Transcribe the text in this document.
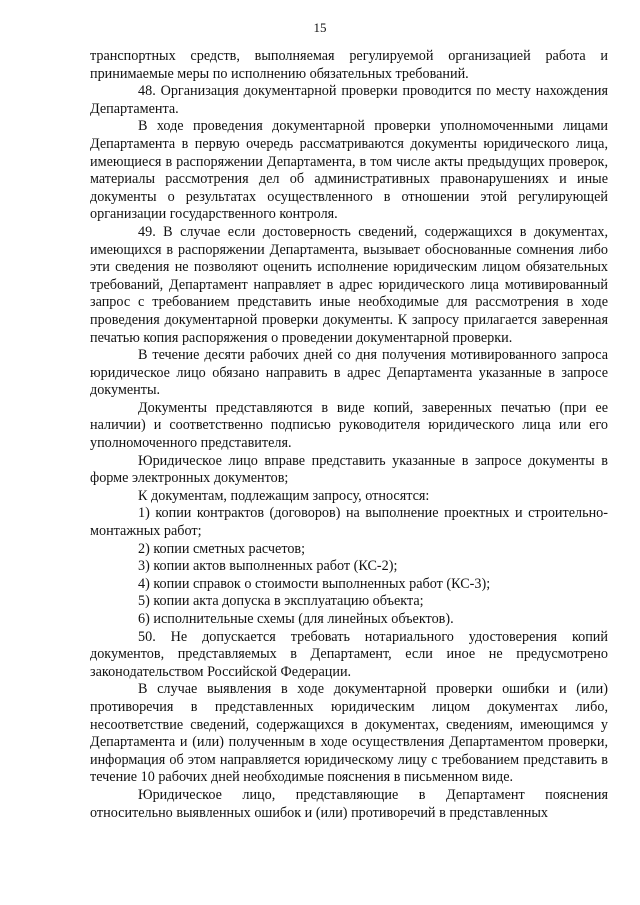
15

транспортных средств, выполняемая регулируемой организацией работа и принимаемые меры по исполнению обязательных требований.

48. Организация документарной проверки проводится по месту нахождения Департамента.

В ходе проведения документарной проверки уполномоченными лицами Департамента в первую очередь рассматриваются документы юридического лица, имеющиеся в распоряжении Департамента, в том числе акты предыдущих проверок, материалы рассмотрения дел об административных правонарушениях и иные документы о результатах осуществленного в отношении этой регулирующей организации государственного контроля.

49. В случае если достоверность сведений, содержащихся в документах, имеющихся в распоряжении Департамента, вызывает обоснованные сомнения либо эти сведения не позволяют оценить исполнение юридическим лицом обязательных требований, Департамент направляет в адрес юридического лица мотивированный запрос с требованием представить иные необходимые для рассмотрения в ходе проведения документарной проверки документы. К запросу прилагается заверенная печатью копия распоряжения о проведении документарной проверки.

В течение десяти рабочих дней со дня получения мотивированного запроса юридическое лицо обязано направить в адрес Департамента указанные в запросе документы.

Документы представляются в виде копий, заверенных печатью (при ее наличии) и соответственно подписью руководителя юридического лица или его уполномоченного представителя.

Юридическое лицо вправе представить указанные в запросе документы в форме электронных документов;

К документам, подлежащим запросу, относятся:

1) копии контрактов (договоров) на выполнение проектных и строительно-монтажных работ;

2) копии сметных расчетов;

3) копии актов выполненных работ (КС-2);

4) копии справок о стоимости выполненных работ (КС-3);

5) копии акта допуска в эксплуатацию объекта;

6) исполнительные схемы (для линейных объектов).

50. Не допускается требовать нотариального удостоверения копий документов, представляемых в Департамент, если иное не предусмотрено законодательством Российской Федерации.

В случае выявления в ходе документарной проверки ошибки и (или) противоречия в представленных юридическим лицом документах либо, несоответствие сведений, содержащихся в документах, сведениям, имеющимся у Департамента и (или) полученным в ходе осуществления Департаментом проверки, информация об этом направляется юридическому лицу с требованием представить в течение 10 рабочих дней необходимые пояснения в письменном виде.

Юридическое лицо, представляющие в Департамент пояснения относительно выявленных ошибок и (или) противоречий в представленных
